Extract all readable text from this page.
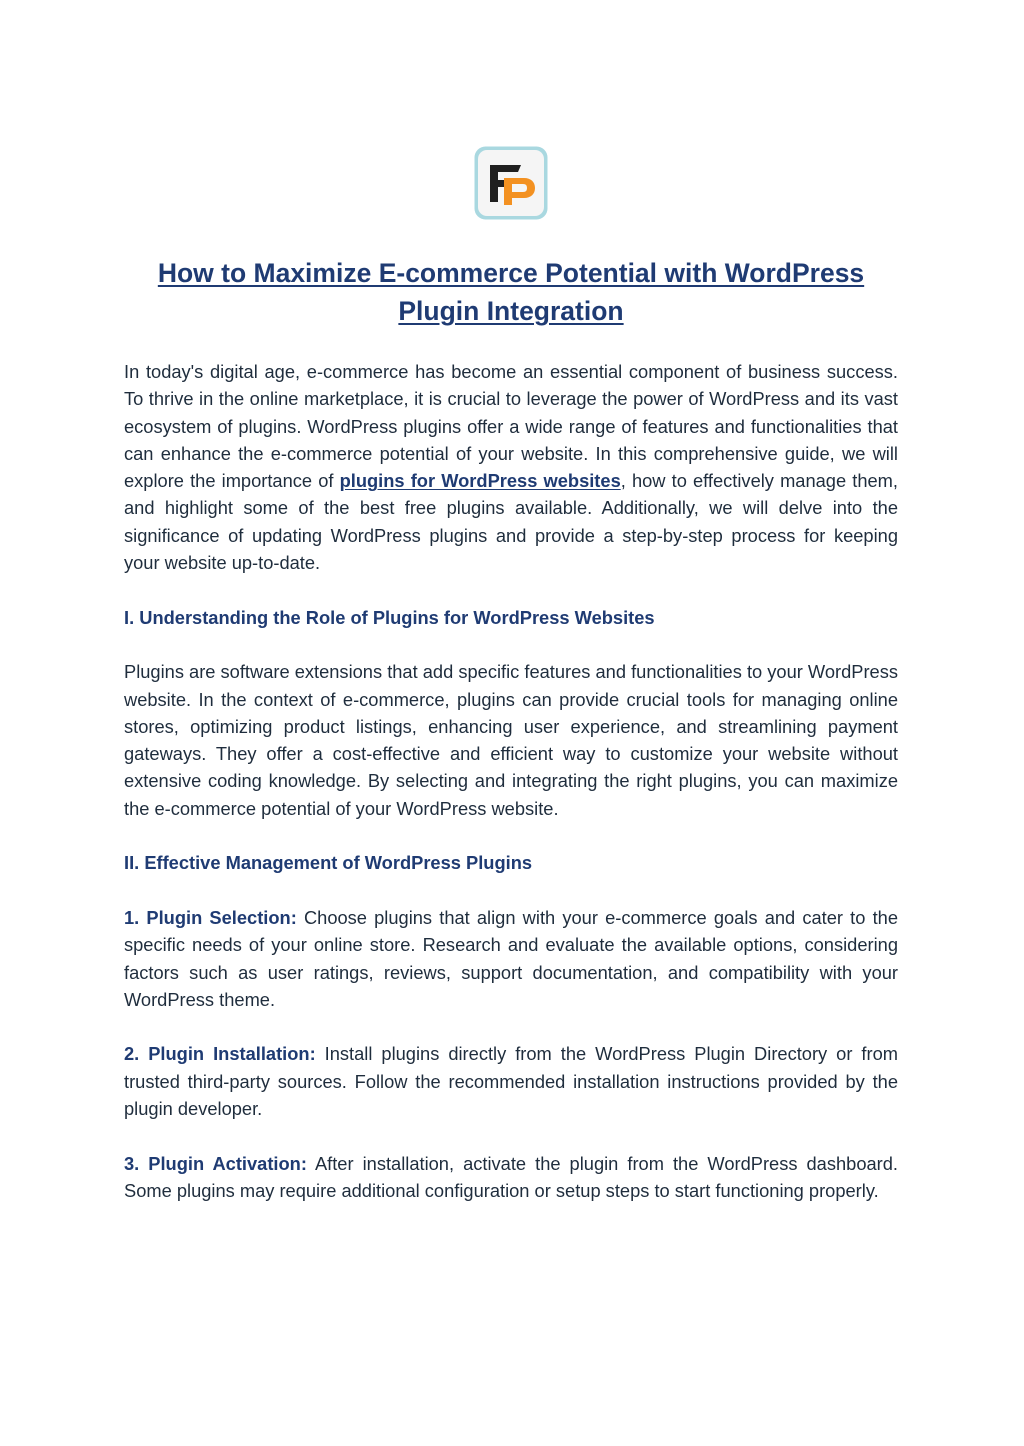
How to Maximize E-commerce Potential with WordPress Plugin Integration

In today's digital age, e-commerce has become an essential component of business success. To thrive in the online marketplace, it is crucial to leverage the power of WordPress and its vast ecosystem of plugins. WordPress plugins offer a wide range of features and functionalities that can enhance the e-commerce potential of your website. In this comprehensive guide, we will explore the importance of plugins for WordPress websites, how to effectively manage them, and highlight some of the best free plugins available. Additionally, we will delve into the significance of updating WordPress plugins and provide a step-by-step process for keeping your website up-to-date.

I. Understanding the Role of Plugins for WordPress Websites

Plugins are software extensions that add specific features and functionalities to your WordPress website. In the context of e-commerce, plugins can provide crucial tools for managing online stores, optimizing product listings, enhancing user experience, and streamlining payment gateways. They offer a cost-effective and efficient way to customize your website without extensive coding knowledge. By selecting and integrating the right plugins, you can maximize the e-commerce potential of your WordPress website.

II. Effective Management of WordPress Plugins

1. Plugin Selection: Choose plugins that align with your e-commerce goals and cater to the specific needs of your online store. Research and evaluate the available options, considering factors such as user ratings, reviews, support documentation, and compatibility with your WordPress theme.

2. Plugin Installation: Install plugins directly from the WordPress Plugin Directory or from trusted third-party sources. Follow the recommended installation instructions provided by the plugin developer.

3. Plugin Activation: After installation, activate the plugin from the WordPress dashboard. Some plugins may require additional configuration or setup steps to start functioning properly.
